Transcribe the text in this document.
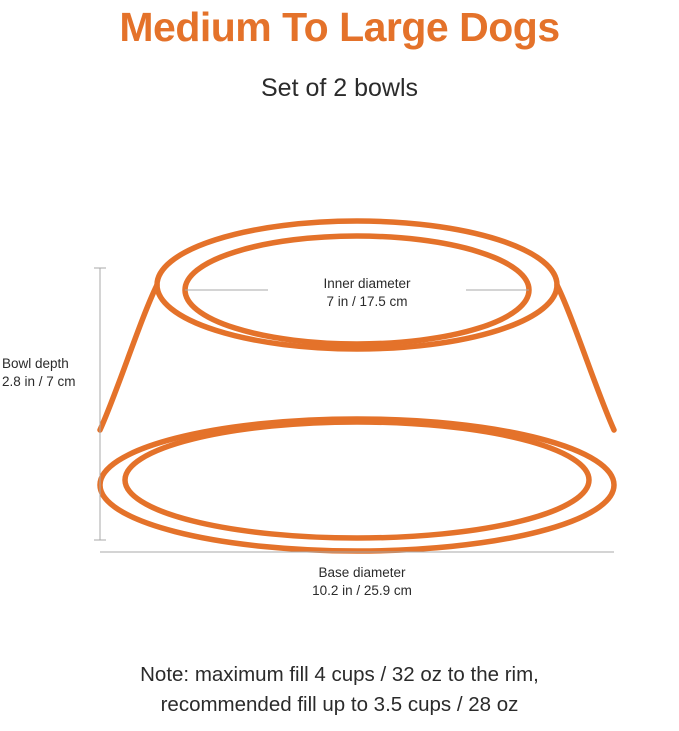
Medium To Large Dogs
Set of 2 bowls
Inner diameter
7 in / 17.5 cm
Base diameter
10.2 in / 25.9 cm
Bowl depth
2.8 in / 7 cm
Note: maximum fill 4 cups / 32 oz to the rim,
recommended fill up to 3.5 cups / 28 oz
